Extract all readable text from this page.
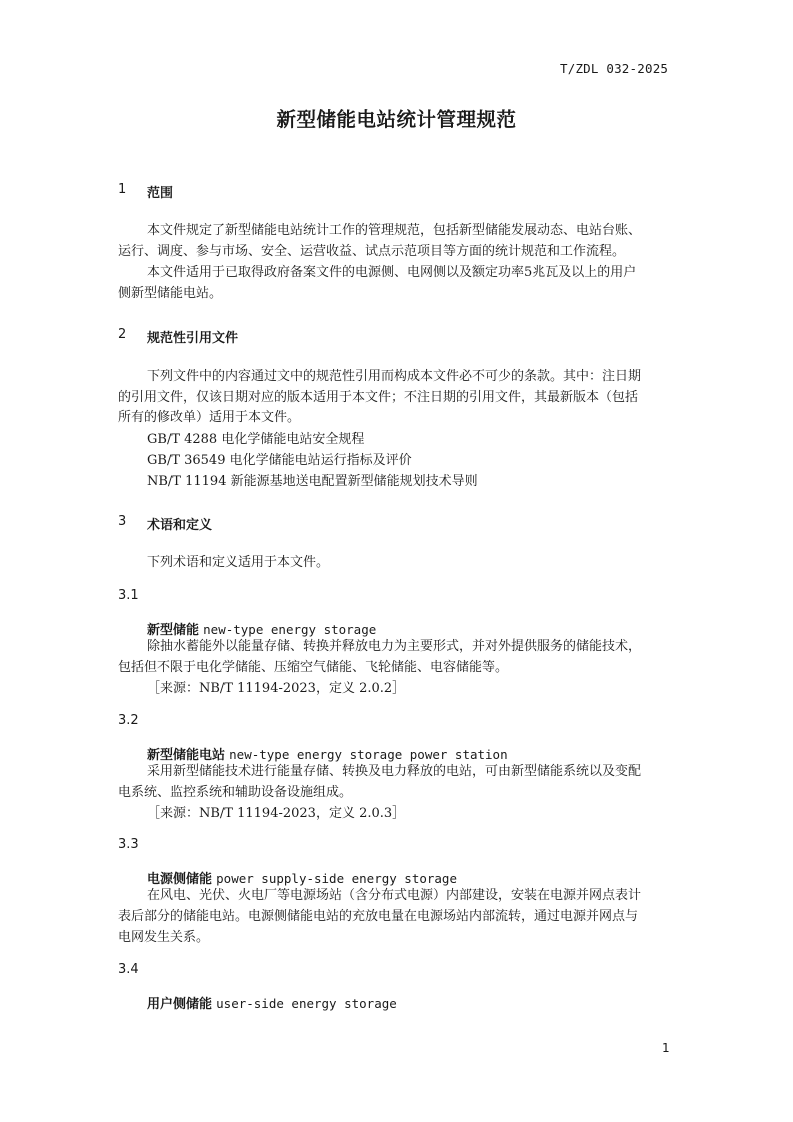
T/ZDL 032-2025
新型储能电站统计管理规范
1 范围
本文件规定了新型储能电站统计工作的管理规范，包括新型储能发展动态、电站台账、
运行、调度、参与市场、安全、运营收益、试点示范项目等方面的统计规范和工作流程。
本文件适用于已取得政府备案文件的电源侧、电网侧以及额定功率5兆瓦及以上的用户
侧新型储能电站。
2 规范性引用文件
下列文件中的内容通过文中的规范性引用而构成本文件必不可少的条款。其中：注日期
的引用文件，仅该日期对应的版本适用于本文件；不注日期的引用文件，其最新版本（包括
所有的修改单）适用于本文件。
GB/T 4288 电化学储能电站安全规程
GB/T 36549 电化学储能电站运行指标及评价
NB/T 11194 新能源基地送电配置新型储能规划技术导则
3 术语和定义
下列术语和定义适用于本文件。
3.1
新型储能 new-type energy storage
除抽水蓄能外以能量存储、转换并释放电力为主要形式，并对外提供服务的储能技术，
包括但不限于电化学储能、压缩空气储能、飞轮储能、电容储能等。
［来源：NB/T 11194-2023，定义 2.0.2］
3.2
新型储能电站 new-type energy storage power station
采用新型储能技术进行能量存储、转换及电力释放的电站，可由新型储能系统以及变配
电系统、监控系统和辅助设备设施组成。
［来源：NB/T 11194-2023，定义 2.0.3］
3.3
电源侧储能 power supply-side energy storage
在风电、光伏、火电厂等电源场站（含分布式电源）内部建设，安装在电源并网点表计
表后部分的储能电站。电源侧储能电站的充放电量在电源场站内部流转，通过电源并网点与
电网发生关系。
3.4
用户侧储能 user-side energy storage
1
